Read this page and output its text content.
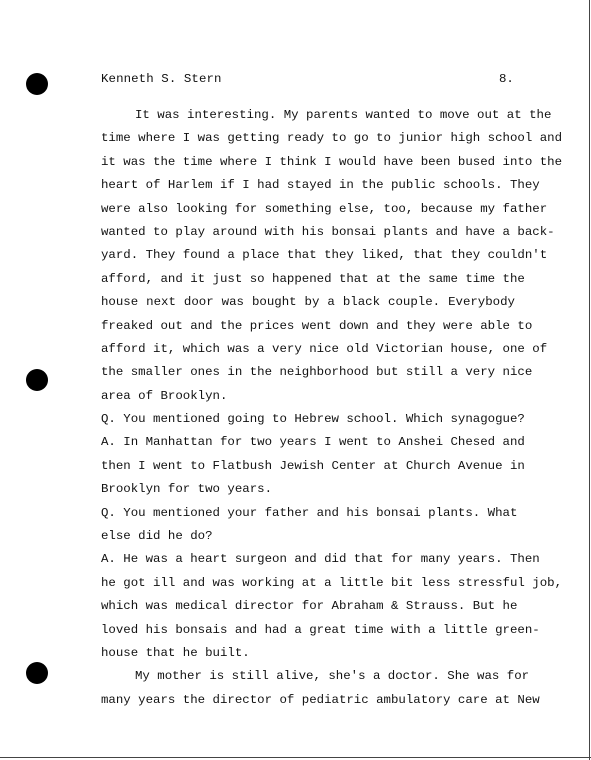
Kenneth S. Stern	8.
It was interesting. My parents wanted to move out at the
time where I was getting ready to go to junior high school and
it was the time where I think I would have been bused into the
heart of Harlem if I had stayed in the public schools. They
were also looking for something else, too, because my father
wanted to play around with his bonsai plants and have a back-
yard. They found a place that they liked, that they couldn't
afford, and it just so happened that at the same time the
house next door was bought by a black couple. Everybody
freaked out and the prices went down and they were able to
afford it, which was a very nice old Victorian house, one of
the smaller ones in the neighborhood but still a very nice
area of Brooklyn.
Q. You mentioned going to Hebrew school. Which synagogue?
A. In Manhattan for two years I went to Anshei Chesed and
then I went to Flatbush Jewish Center at Church Avenue in
Brooklyn for two years.
Q. You mentioned your father and his bonsai plants. What
else did he do?
A. He was a heart surgeon and did that for many years. Then
he got ill and was working at a little bit less stressful job,
which was medical director for Abraham & Strauss. But he
loved his bonsais and had a great time with a little green-
house that he built.
My mother is still alive, she's a doctor. She was for
many years the director of pediatric ambulatory care at New
